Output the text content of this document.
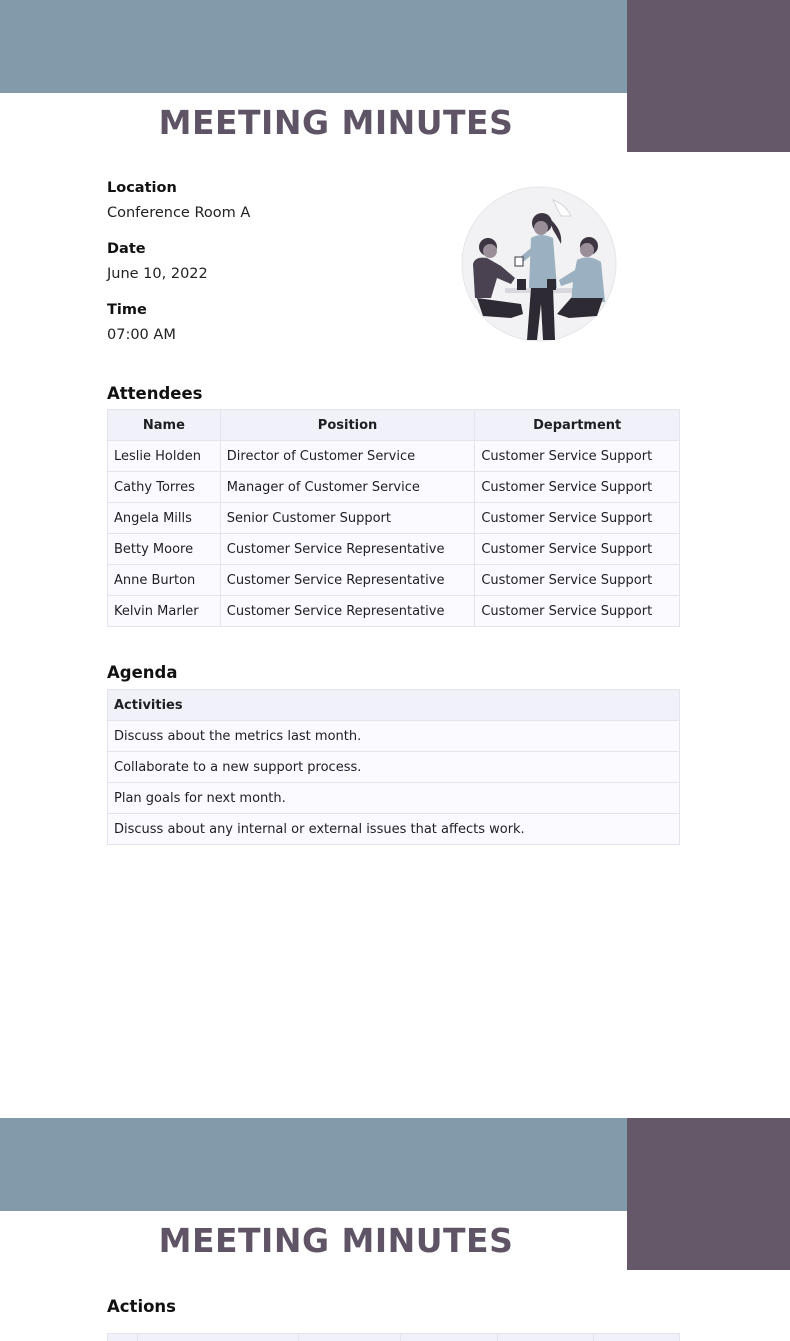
MEETING MINUTES
Location
Conference Room A
Date
June 10, 2022
Time
07:00 AM
Attendees
Name	Position	Department
Leslie Holden	Director of Customer Service	Customer Service Support
Cathy Torres	Manager of Customer Service	Customer Service Support
Angela Mills	Senior Customer Support	Customer Service Support
Betty Moore	Customer Service Representative	Customer Service Support
Anne Burton	Customer Service Representative	Customer Service Support
Kelvin Marler	Customer Service Representative	Customer Service Support
Agenda
Activities
Discuss about the metrics last month.
Collaborate to a new support process.
Plan goals for next month.
Discuss about any internal or external issues that affects work.
MEETING MINUTES
Actions
